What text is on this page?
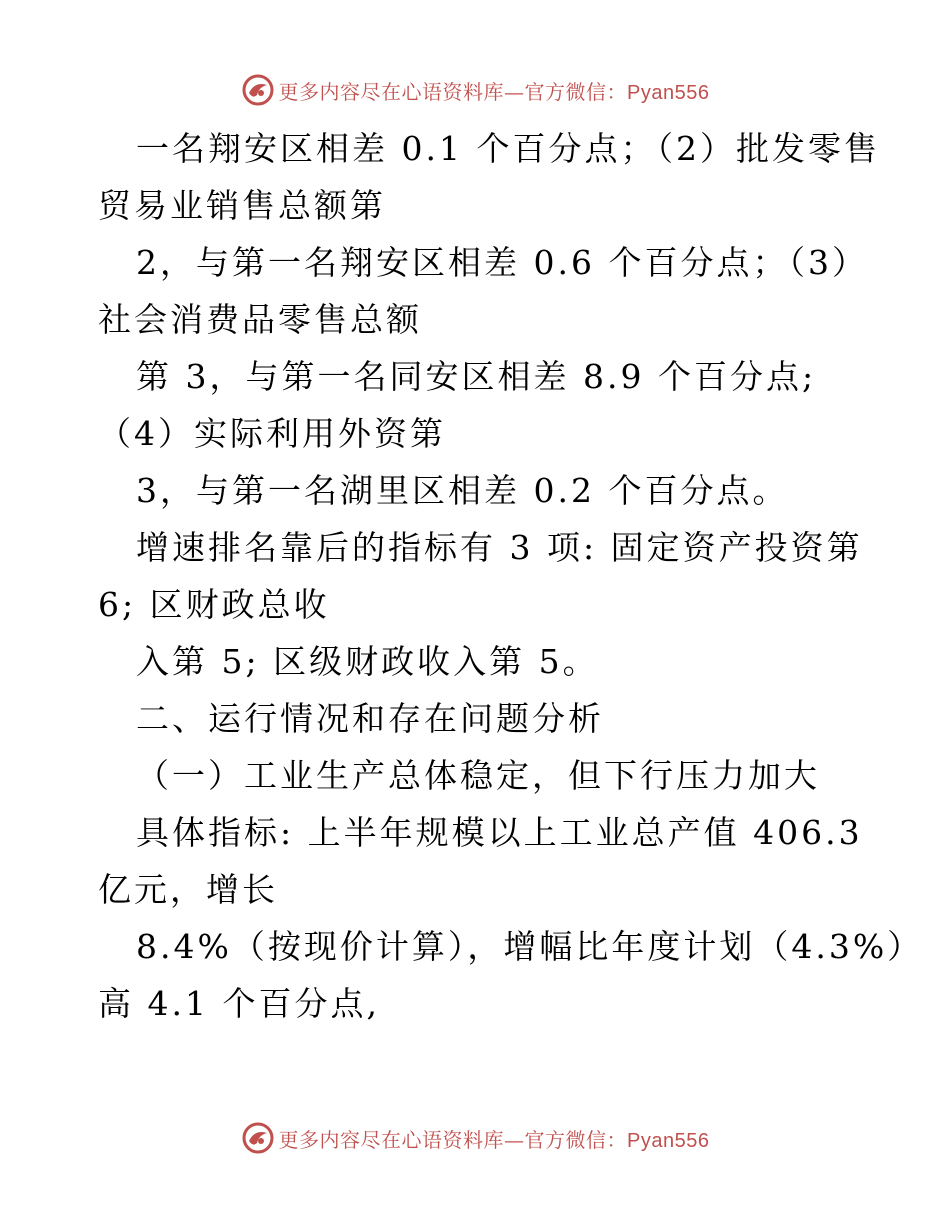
更多内容尽在心语资料库—官方微信：Pyan556
一名翔安区相差 0.1 个百分点；（2）批发零售
贸易业销售总额第
2，与第一名翔安区相差 0.6 个百分点；（3）
社会消费品零售总额
第 3，与第一名同安区相差 8.9 个百分点;
（4）实际利用外资第
3，与第一名湖里区相差 0.2 个百分点。
增速排名靠后的指标有 3 项: 固定资产投资第
6; 区财政总收
入第 5; 区级财政收入第 5。
二、运行情况和存在问题分析
（一）工业生产总体稳定，但下行压力加大
具体指标: 上半年规模以上工业总产值 406.3
亿元，增长
8.4%（按现价计算），增幅比年度计划（4.3%）
高 4.1 个百分点,
更多内容尽在心语资料库—官方微信：Pyan556
